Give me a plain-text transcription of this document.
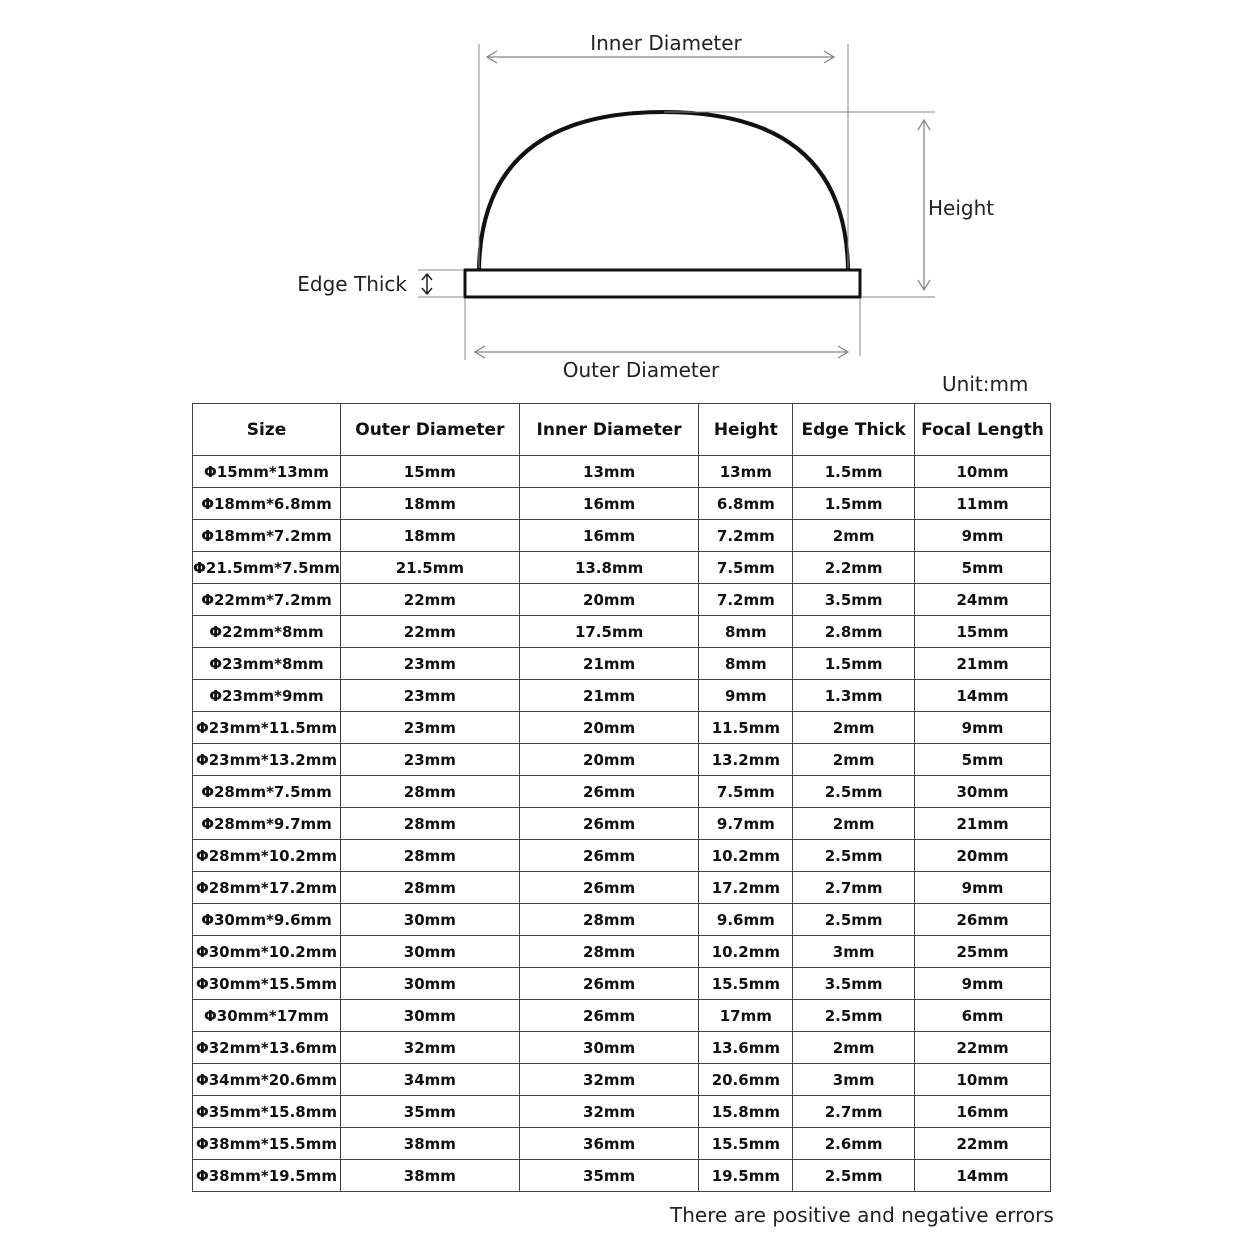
Inner Diameter
Height
Edge Thick
Outer Diameter
Unit:mm
Size	Outer Diameter	Inner Diameter	Height	Edge Thick	Focal Length
Φ15mm*13mm	15mm	13mm	13mm	1.5mm	10mm
Φ18mm*6.8mm	18mm	16mm	6.8mm	1.5mm	11mm
Φ18mm*7.2mm	18mm	16mm	7.2mm	2mm	9mm
Φ21.5mm*7.5mm	21.5mm	13.8mm	7.5mm	2.2mm	5mm
Φ22mm*7.2mm	22mm	20mm	7.2mm	3.5mm	24mm
Φ22mm*8mm	22mm	17.5mm	8mm	2.8mm	15mm
Φ23mm*8mm	23mm	21mm	8mm	1.5mm	21mm
Φ23mm*9mm	23mm	21mm	9mm	1.3mm	14mm
Φ23mm*11.5mm	23mm	20mm	11.5mm	2mm	9mm
Φ23mm*13.2mm	23mm	20mm	13.2mm	2mm	5mm
Φ28mm*7.5mm	28mm	26mm	7.5mm	2.5mm	30mm
Φ28mm*9.7mm	28mm	26mm	9.7mm	2mm	21mm
Φ28mm*10.2mm	28mm	26mm	10.2mm	2.5mm	20mm
Φ28mm*17.2mm	28mm	26mm	17.2mm	2.7mm	9mm
Φ30mm*9.6mm	30mm	28mm	9.6mm	2.5mm	26mm
Φ30mm*10.2mm	30mm	28mm	10.2mm	3mm	25mm
Φ30mm*15.5mm	30mm	26mm	15.5mm	3.5mm	9mm
Φ30mm*17mm	30mm	26mm	17mm	2.5mm	6mm
Φ32mm*13.6mm	32mm	30mm	13.6mm	2mm	22mm
Φ34mm*20.6mm	34mm	32mm	20.6mm	3mm	10mm
Φ35mm*15.8mm	35mm	32mm	15.8mm	2.7mm	16mm
Φ38mm*15.5mm	38mm	36mm	15.5mm	2.6mm	22mm
Φ38mm*19.5mm	38mm	35mm	19.5mm	2.5mm	14mm
There are positive and negative errors
